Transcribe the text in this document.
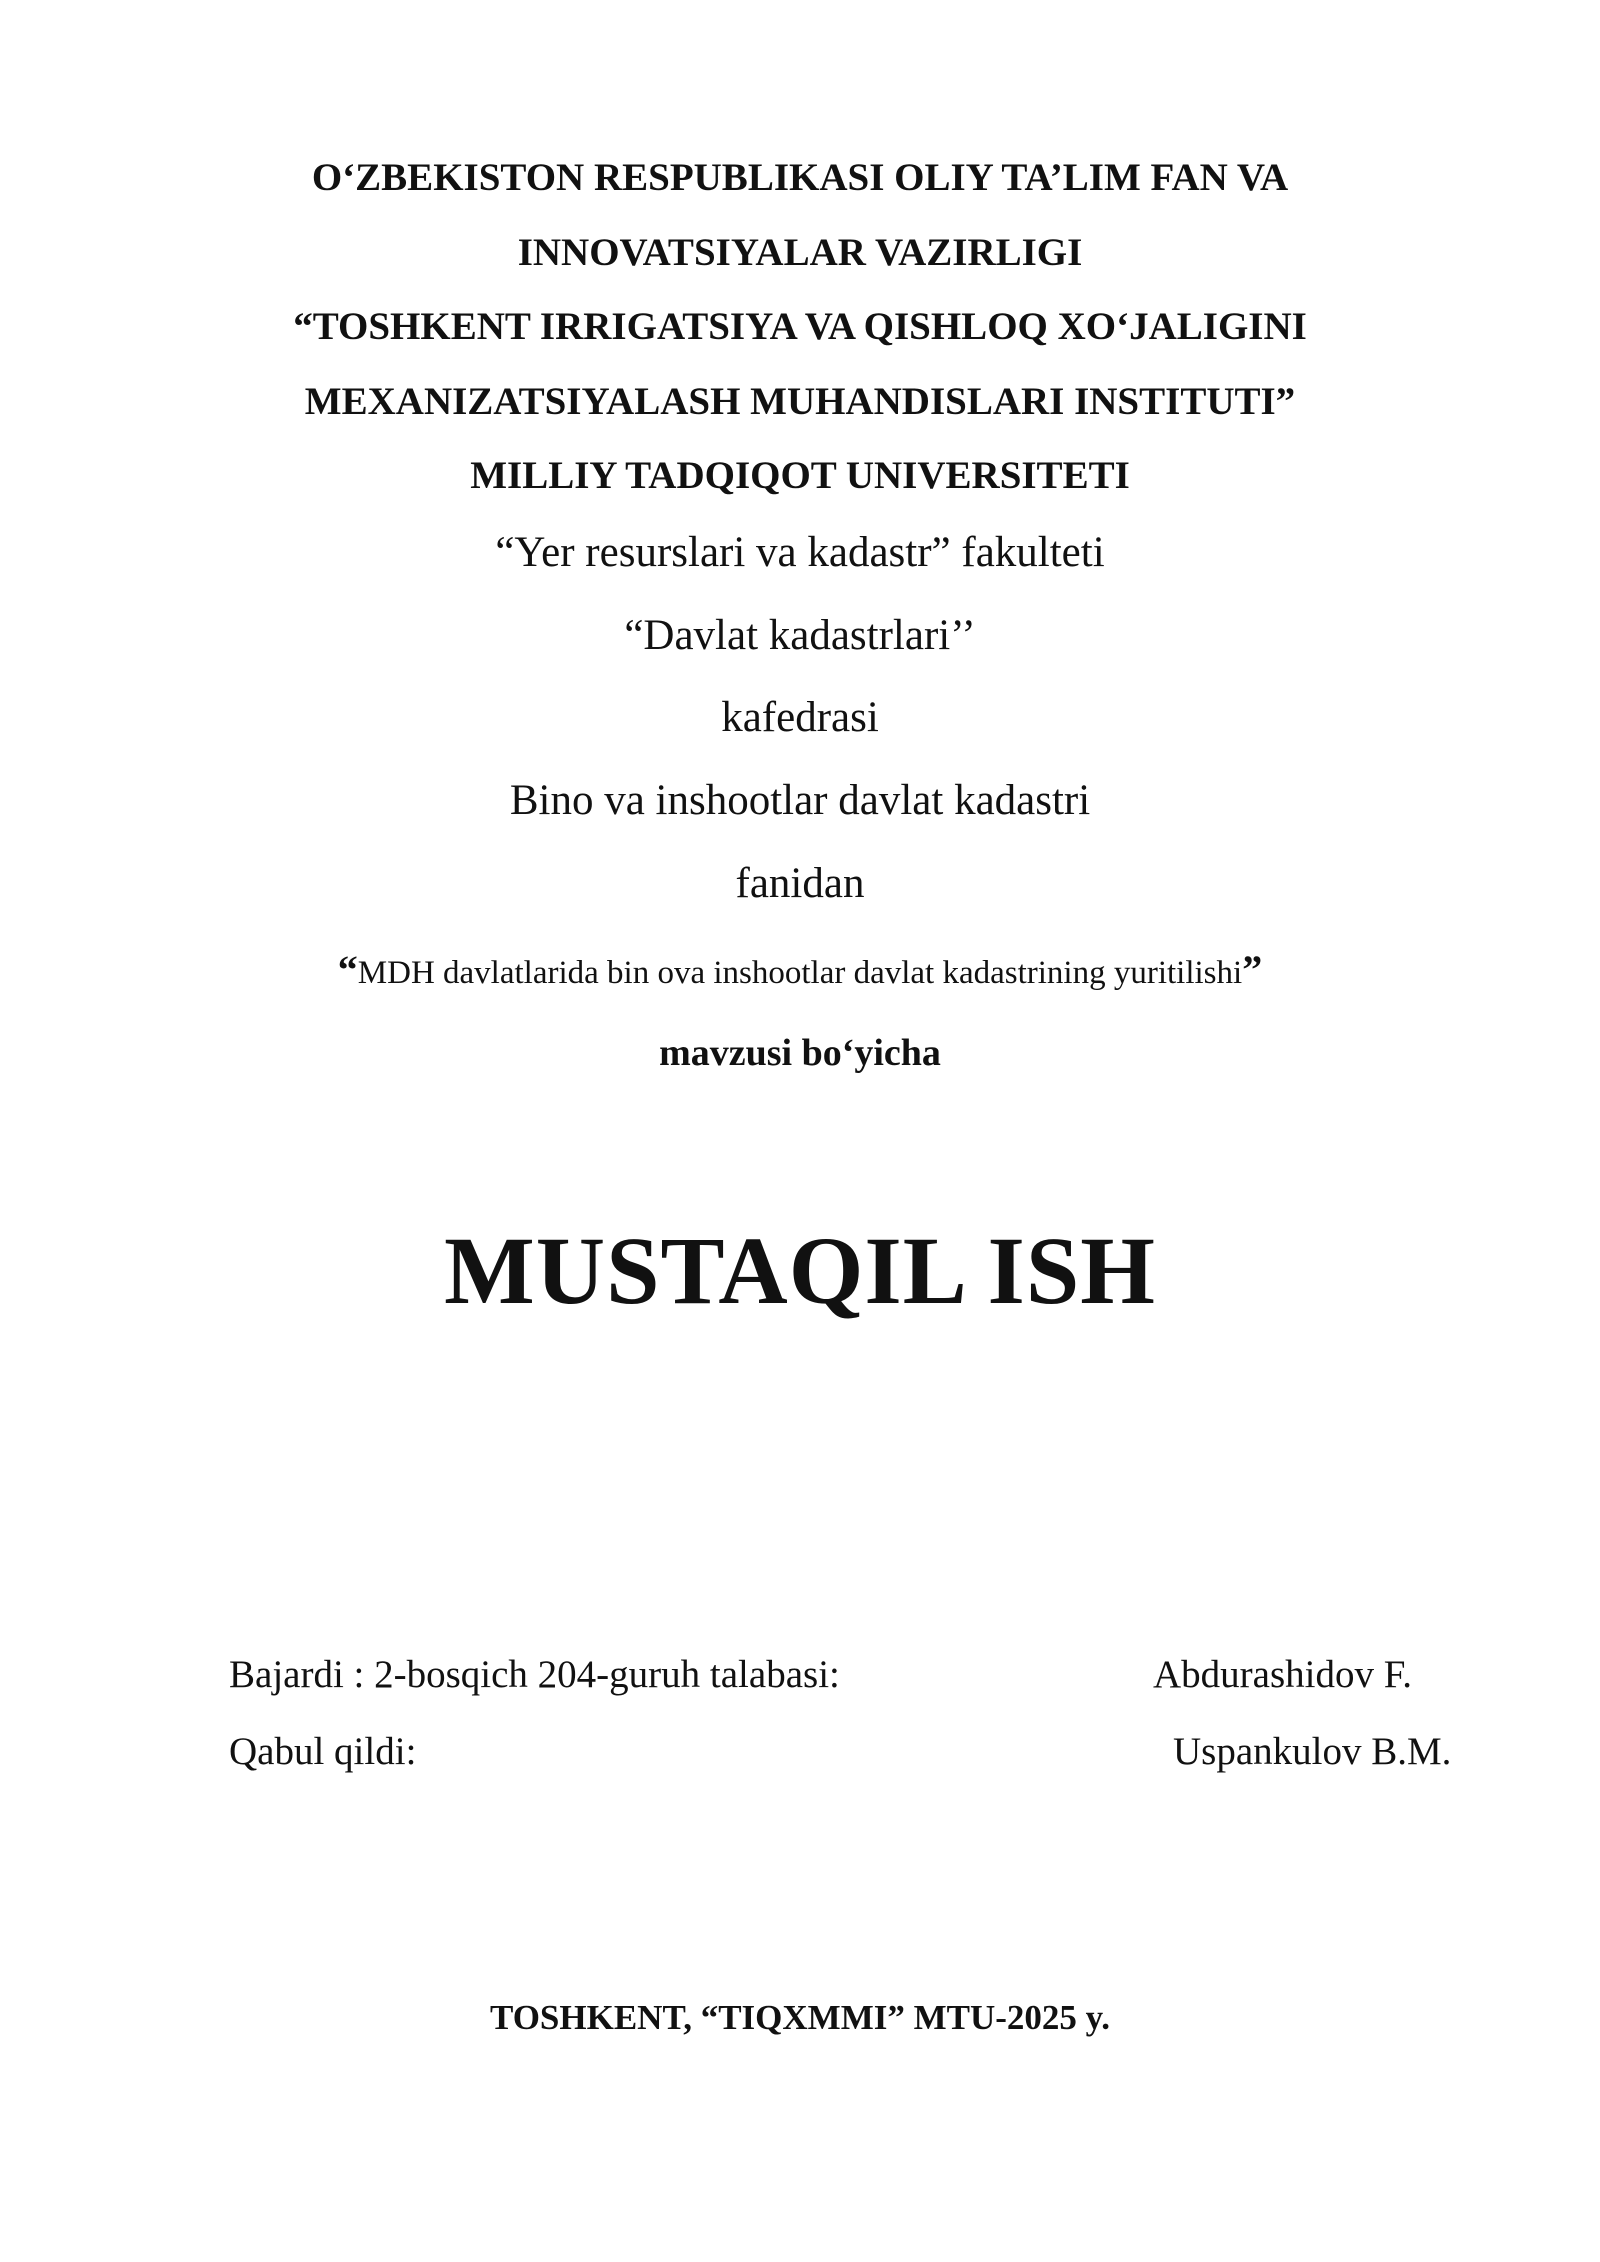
O‘ZBEKISTON RESPUBLIKASI OLIY TA’LIM FAN VA
INNOVATSIYALAR VAZIRLIGI
“TOSHKENT IRRIGATSIYA VA QISHLOQ XO‘JALIGINI
MEXANIZATSIYALASH MUHANDISLARI INSTITUTI”
MILLIY TADQIQOT UNIVERSITETI
“Yer resurslari va kadastr” fakulteti
“Davlat kadastrlari’’
kafedrasi
Bino va inshootlar davlat kadastri
fanidan
“MDH davlatlarida bin ova inshootlar davlat kadastrining yuritilishi”
mavzusi bo‘yicha
MUSTAQIL ISH
Bajardi : 2-bosqich 204-guruh talabasi:	Abdurashidov F.
Qabul qildi:	Uspankulov B.M.
TOSHKENT, “TIQXMMI” MTU-2025 y.
